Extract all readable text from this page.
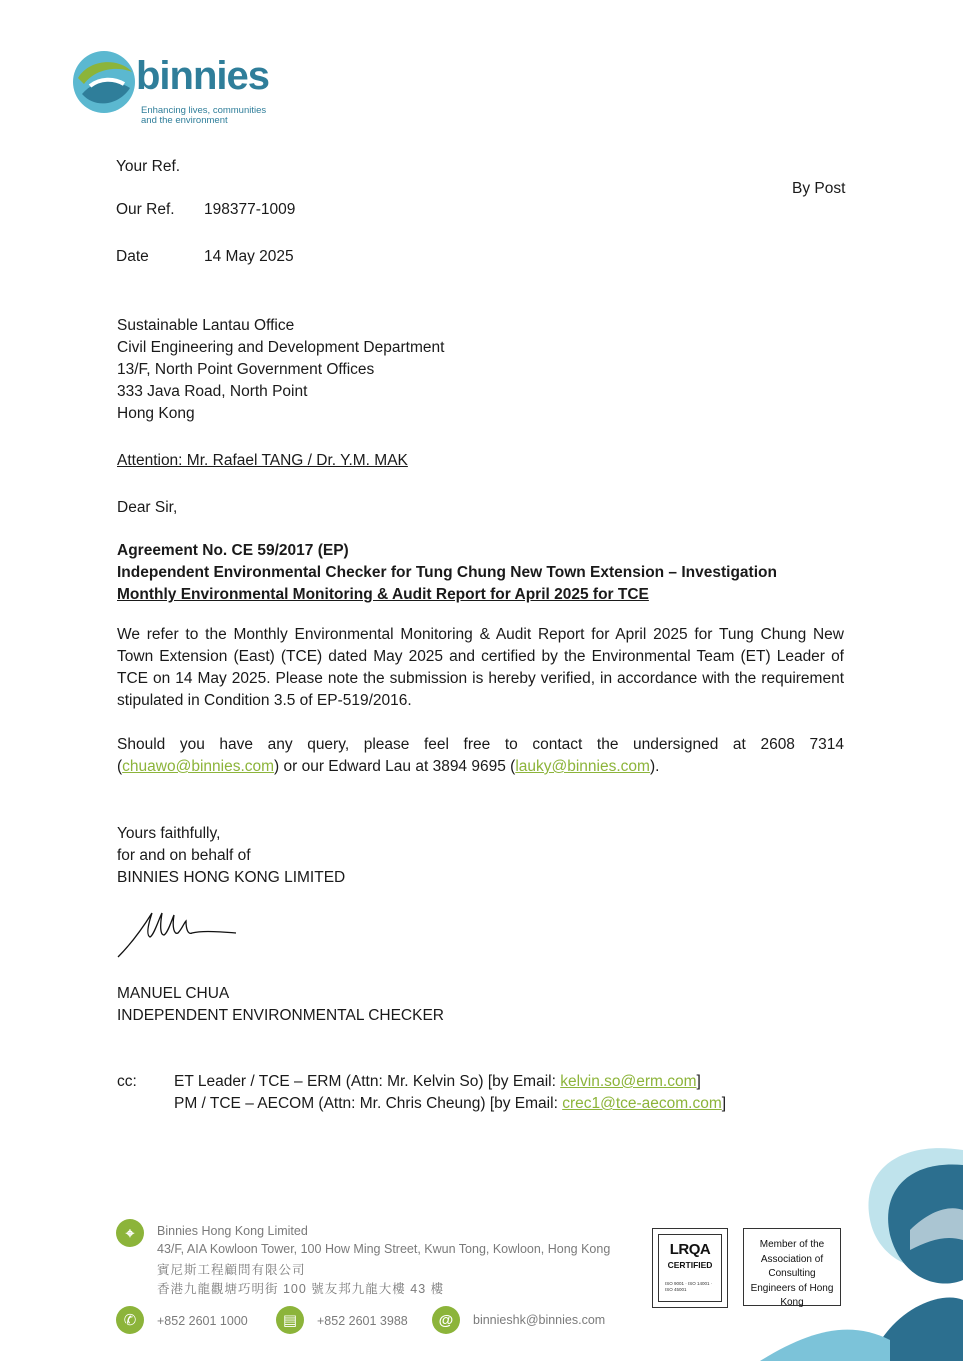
binnies
Enhancing lives, communities
and the environment
Your Ref.
By Post
Our Ref. 198377-1009
Date	14 May 2025
Sustainable Lantau Office
Civil Engineering and Development Department
13/F, North Point Government Offices
333 Java Road, North Point
Hong Kong
Attention: Mr. Rafael TANG / Dr. Y.M. MAK
Dear Sir,
Agreement No. CE 59/2017 (EP)
Independent Environmental Checker for Tung Chung New Town Extension – Investigation
Monthly Environmental Monitoring & Audit Report for April 2025 for TCE
We refer to the Monthly Environmental Monitoring & Audit Report for April 2025 for Tung Chung New Town Extension (East) (TCE) dated May 2025 and certified by the Environmental Team (ET) Leader of TCE on 14 May 2025. Please note the submission is hereby verified, in accordance with the requirement stipulated in Condition 3.5 of EP-519/2016.
Should you have any query, please feel free to contact the undersigned at 2608 7314 (chuawo@binnies.com) or our Edward Lau at 3894 9695 (lauky@binnies.com).
Yours faithfully,
for and on behalf of
BINNIES HONG KONG LIMITED
MANUEL CHUA
INDEPENDENT ENVIRONMENTAL CHECKER
cc: ET Leader / TCE – ERM (Attn: Mr. Kelvin So) [by Email: kelvin.so@erm.com]
PM / TCE – AECOM (Attn: Mr. Chris Cheung) [by Email: crec1@tce-aecom.com]
⌖	Binnies Hong Kong Limited
43/F, AIA Kowloon Tower, 100 How Ming Street, Kwun Tong, Kowloon, Hong Kong
賓尼斯工程顧問有限公司
香港九龍觀塘巧明街 100 號友邦九龍大樓 43 樓
✆	+852 2601 1000	▤	+852 2601 3988	@	binnieshk@binnies.com
LRQA
CERTIFIED
ISO 9001 · ISO 14001 · ISO 45001
Member of the Association of Consulting Engineers of Hong Kong
